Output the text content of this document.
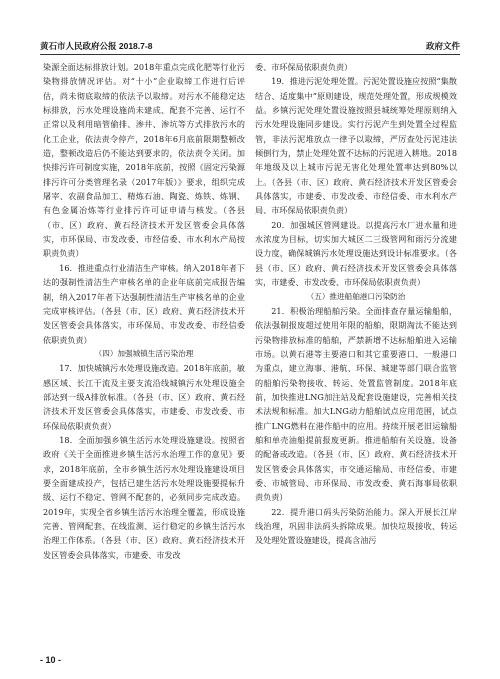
黄石市人民政府公报 2018.7-8	政府文件

染源全面达标排放计划。2018年重点完成化肥等行业污染物排放情况评估。对“十小”企业取缔工作进行后评估，尚未彻底取缔的依法予以取缔。对污水不能稳定达标排放，污水处理设施尚未建成、配套不完善、运行不正常以及利用暗管偷排、渗井、渗坑等方式排放污水的化工企业，依法责令停产，2018年6月底前限期整顿改造，整顿改造后仍不能达到要求的，依法责令关闭。加快排污许可制度实施，2018年底前，按照《固定污染源排污许可分类管理名录（2017年版）》要求，组织完成屠宰、农副食品加工、精炼石油、陶瓷、炼铁、炼钢、有色金属冶炼等行业排污许可证申请与核发。（各县（市、区）政府、黄石经济技术开发区管委会具体落实，市环保局、市发改委、市经信委、市水利水产局按职责负责）

16．推进重点行业清洁生产审核。纳入2018年者下达的强制性清洁生产审核名单的企业年底前完成报告编制，纳入2017年者下达强制性清洁生产审核名单的企业完成审核评估。（各县（市、区）政府、黄石经济技术开发区管委会具体落实，市环保局、市发改委、市经信委依职责负责）

（四）加强城镇生活污染治理

17．加快城镇污水处理设施改造。2018年底前，敏感区域、长江干流及主要支流沿线城镇污水处理设施全部达到一级A排放标准。（各县（市、区）政府、黄石经济技术开发区管委会具体落实，市建委、市发改委、市环保局依职责负责）

18．全面加强乡镇生活污水处理设施建设。按照省政府《关于全面推进乡镇生活污水治理工作的意见》要求，2018年底前，全市乡镇生活污水处理设施建设项目要全面建成投产，包括已建生活污水处理设施要提标升级、运行不稳定、管网不配套的，必须同步完成改造。2019年，实现全省乡镇生活污水治理全覆盖，形成设施完善、管网配套、在线监测、运行稳定的乡镇生活污水治理工作体系。（各县（市、区）政府、黄石经济技术开发区管委会具体落实，市建委、市发改

委、市环保局依职责负责）

19．推进污泥处理处置。污泥处置设施应按照“集散结合、适度集中”原则建设，规范处理处置，形成规模效益。乡镇污泥处理处置设施按照县城统筹处理原则纳入污水处理设施同步建设。实行污泥产生到处置全过程监管，非法污泥堆放点一律予以取缔，严厉查处污泥违法倾倒行为，禁止处理处置不达标的污泥进入耕地。2018年地级及以上城市污泥无害化处理处置率达到80%以上。（各县（市、区）政府、黄石经济技术开发区管委会具体落实，市建委、市发改委、市经信委、市水利水产局、市环保局依职责负责）

20．加强城区管网建设。以提高污水厂进水量和进水浓度为目标，切实加大城区二三级管网和雨污分流建设力度，确保城镇污水处理设施达到设计标准要求。（各县（市、区）政府、黄石经济技术开发区管委会具体落实，市建委、市发改委、市环保局依职责负责）

（五）推进船舶港口污染防治

21．积极治理船舶污染。全面排查存量运输船舶，依法强制报废超过使用年限的船舶，限期淘汰不能达到污染物排放标准的船舶，严禁新增不达标船舶进入运输市场。以黄石港等主要港口和其它重要港口、一般港口为重点，建立海事、港航、环保、城建等部门联合监管的船舶污染物接收、转运、处置监管制度。2018年底前，加快推进LNG加注站及配套设施建设，完善相关技术法规和标准。加大LNG动力船舶试点应用范围，试点推广LNG燃料在港作船中的应用。持续开展老旧运输船舶和单壳油船提前报废更新。推进船舶有关设施、设备的配备或改造。（各县（市、区）政府、黄石经济技术开发区管委会具体落实，市交通运输局、市经信委、市建委、市城管局、市环保局、市发改委、黄石海事局依职责负责）

22．提升港口码头污染防治能力。深入开展长江岸线治理，巩固非法码头拆除成果。加快垃圾接收、转运及处理处置设施建设，提高含油污

- 10 -
